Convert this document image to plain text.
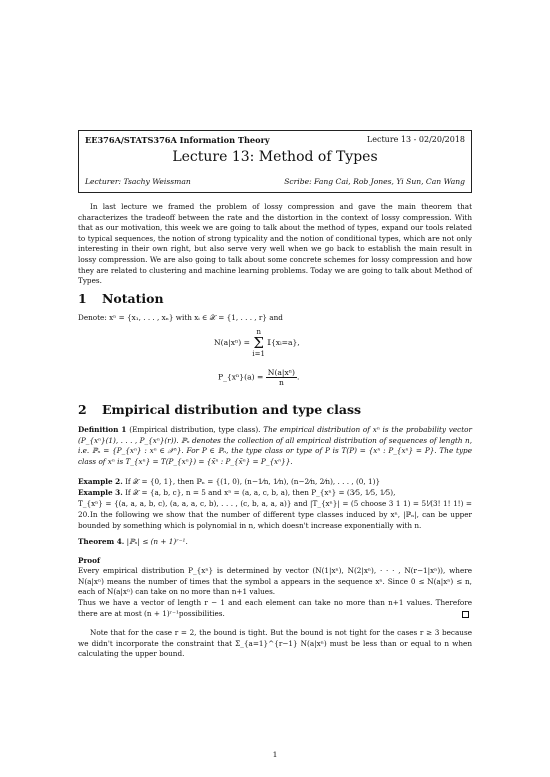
EE376A/STATS376A Information Theory	Lecture 13 - 02/20/2018
Lecture 13: Method of Types
Lecturer: Tsachy Weissman	Scribe: Fang Cai, Rob Jones, Yi Sun, Can Wang
In last lecture we framed the problem of lossy compression and gave the main theorem that characterizes the tradeoff between the rate and the distortion in the context of lossy compression. With that as our motivation, this week we are going to talk about the method of types, expand our tools related to typical sequences, the notion of strong typicality and the notion of conditional types, which are not only interesting in their own right, but also serve very well when we go back to establish the main result in lossy compression. We are also going to talk about some concrete schemes for lossy compression and how they are related to clustering and machine learning problems. Today we are going to talk about Method of Types.
1 Notation
Denote: xⁿ = {x₁, . . . , xₙ} with xᵢ ∈ 𝒳 = {1, . . . , r} and
N(a|xⁿ) = n
Σ
i=1 𝕀{xᵢ=a},
P_{xⁿ}(a) = $\frac{\text{N(a|xⁿ)}}{n}$ .
2 Empirical distribution and type class
Definition 1 (Empirical distribution, type class). The empirical distribution of xⁿ is the probability vector (P_{xⁿ}(1), . . . , P_{xⁿ}(r)). ℙₙ denotes the collection of all empirical distribution of sequences of length n, i.e. ℙₙ = {P_{xⁿ} : xⁿ ∈ 𝒳ⁿ}. For P ∈ ℙₙ, the type class or type of P is T(P) = {xⁿ : P_{xⁿ} = P}. The type class of xⁿ is T_{xⁿ} = T(P_{xⁿ}) = {x̃ⁿ : P_{x̃ⁿ} = P_{xⁿ}}.
Example 2. If 𝒳 = {0, 1}, then ℙₙ = {(1, 0), (n−1⁄n, 1⁄n), (n−2⁄n, 2⁄n), . . . , (0, 1)}
Example 3. If 𝒳 = {a, b, c}, n = 5 and xⁿ = (a, a, c, b, a), then P_{xⁿ} = (3⁄5, 1⁄5, 1⁄5),
T_{xⁿ} = {(a, a, a, b, c), (a, a, a, c, b), . . . , (c, b, a, a, a)} and |T_{xⁿ}| = (5 choose 3 1 1) = 5!⁄(3! 1! 1!) = 20. In the following we show that the number of different type classes induced by xⁿ, |ℙₙ|, can be upper bounded by something which is polynomial in n, which doesn't increase exponentially with n.
Theorem 4. |ℙₙ| ≤ (n + 1)ʳ⁻¹.
Proof
Every empirical distribution P_{xⁿ} is determined by vector (N(1|xⁿ), N(2|xⁿ), · · · , N(r−1|xⁿ)), where N(a|xⁿ) means the number of times that the symbol a appears in the sequence xⁿ. Since 0 ≤ N(a|xⁿ) ≤ n, each of N(a|xⁿ) can take on no more than n+1 values.
Thus we have a vector of length r − 1 and each element can take no more than n+1 values. Therefore there are at most (n + 1)ʳ⁻¹possibilities.
Note that for the case r = 2, the bound is tight. But the bound is not tight for the cases r ≥ 3 because we didn't incorporate the constraint that Σ_{a=1}^{r−1} N(a|xⁿ) must be less than or equal to n when calculating the upper bound.
1
